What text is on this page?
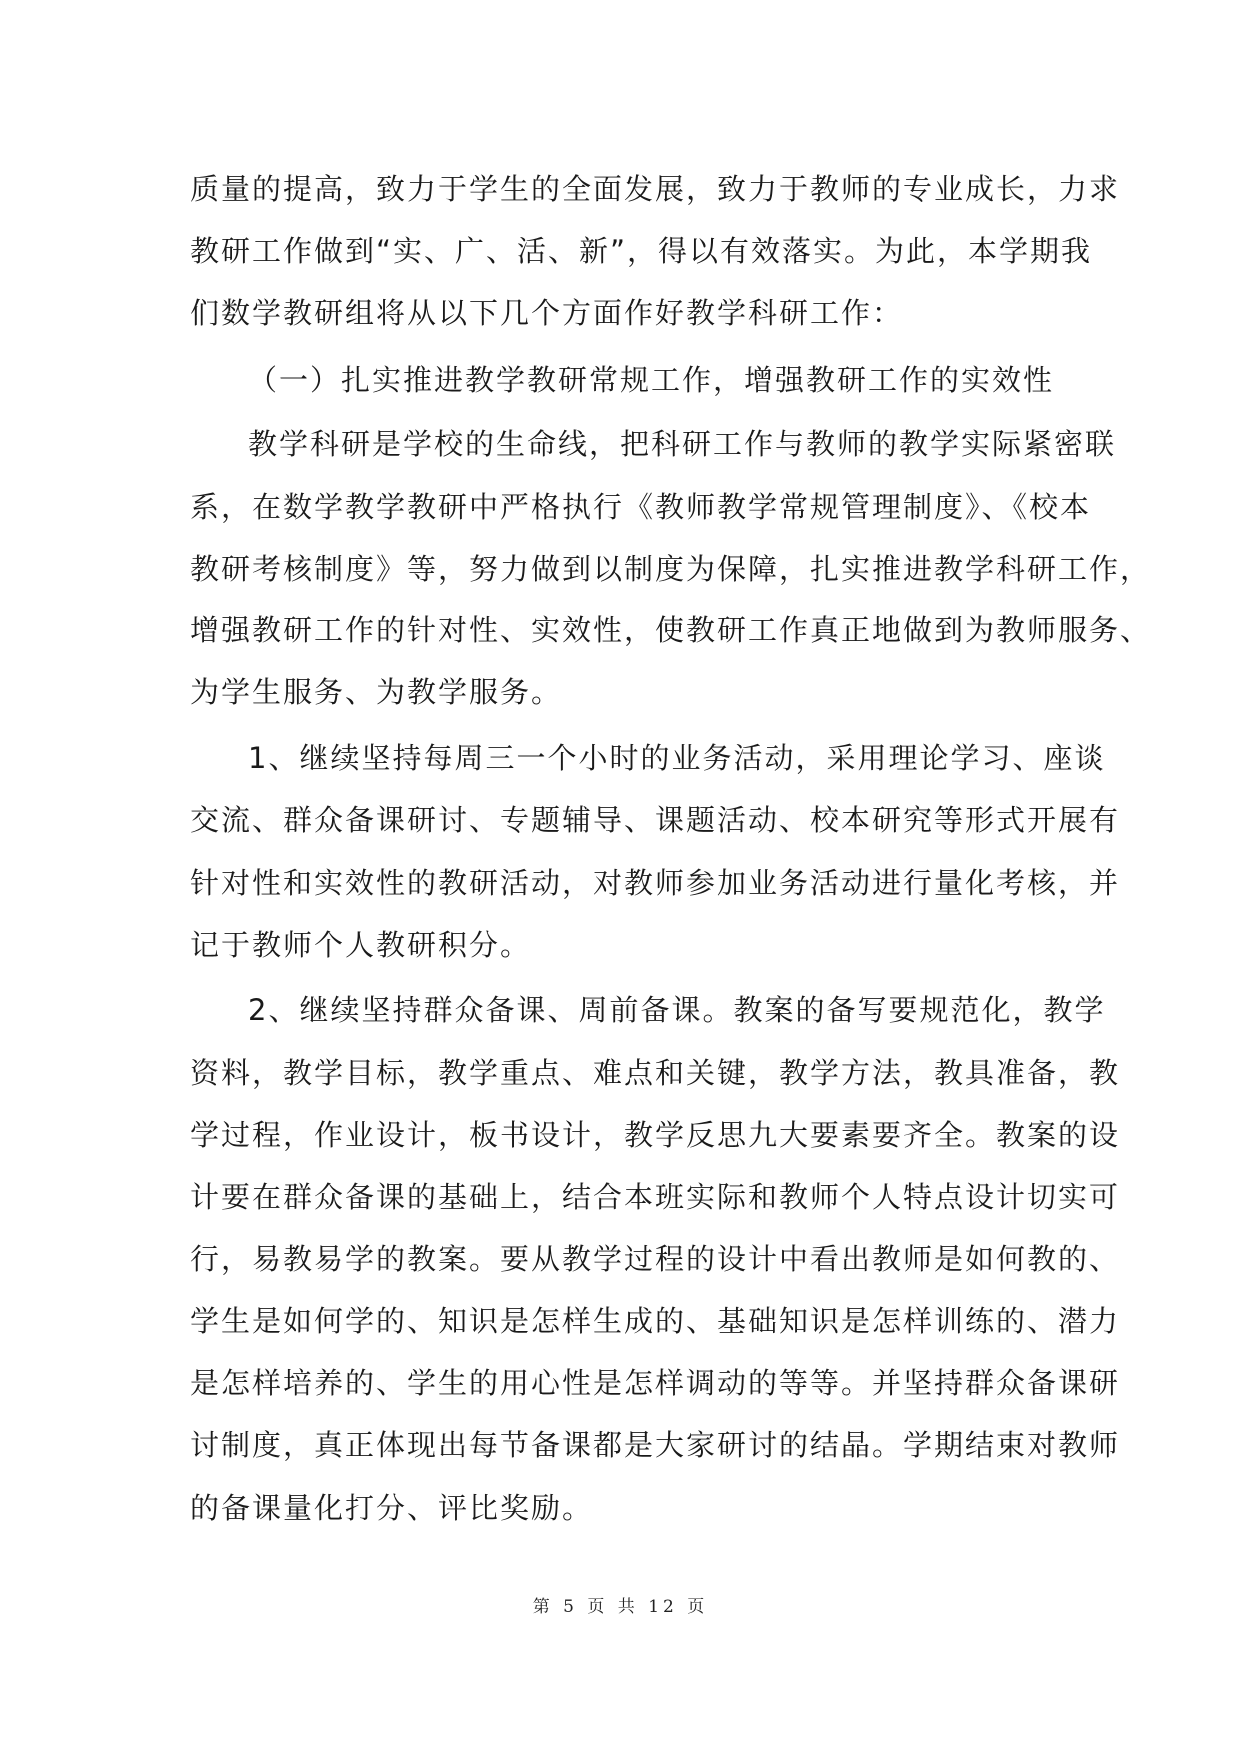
质量的提高，致力于学生的全面发展，致力于教师的专业成长，力求
教研工作做到“实、广、活、新”，得以有效落实。为此，本学期我
们数学教研组将从以下几个方面作好教学科研工作：
（一）扎实推进教学教研常规工作，增强教研工作的实效性
教学科研是学校的生命线，把科研工作与教师的教学实际紧密联
系，在数学教学教研中严格执行《教师教学常规管理制度》、《校本
教研考核制度》等，努力做到以制度为保障，扎实推进教学科研工作，
增强教研工作的针对性、实效性，使教研工作真正地做到为教师服务、
为学生服务、为教学服务。
1、继续坚持每周三一个小时的业务活动，采用理论学习、座谈
交流、群众备课研讨、专题辅导、课题活动、校本研究等形式开展有
针对性和实效性的教研活动，对教师参加业务活动进行量化考核，并
记于教师个人教研积分。
2、继续坚持群众备课、周前备课。教案的备写要规范化，教学
资料，教学目标，教学重点、难点和关键，教学方法，教具准备，教
学过程，作业设计，板书设计，教学反思九大要素要齐全。教案的设
计要在群众备课的基础上，结合本班实际和教师个人特点设计切实可
行，易教易学的教案。要从教学过程的设计中看出教师是如何教的、
学生是如何学的、知识是怎样生成的、基础知识是怎样训练的、潜力
是怎样培养的、学生的用心性是怎样调动的等等。并坚持群众备课研
讨制度，真正体现出每节备课都是大家研讨的结晶。学期结束对教师
的备课量化打分、评比奖励。
第 5 页 共 12 页
